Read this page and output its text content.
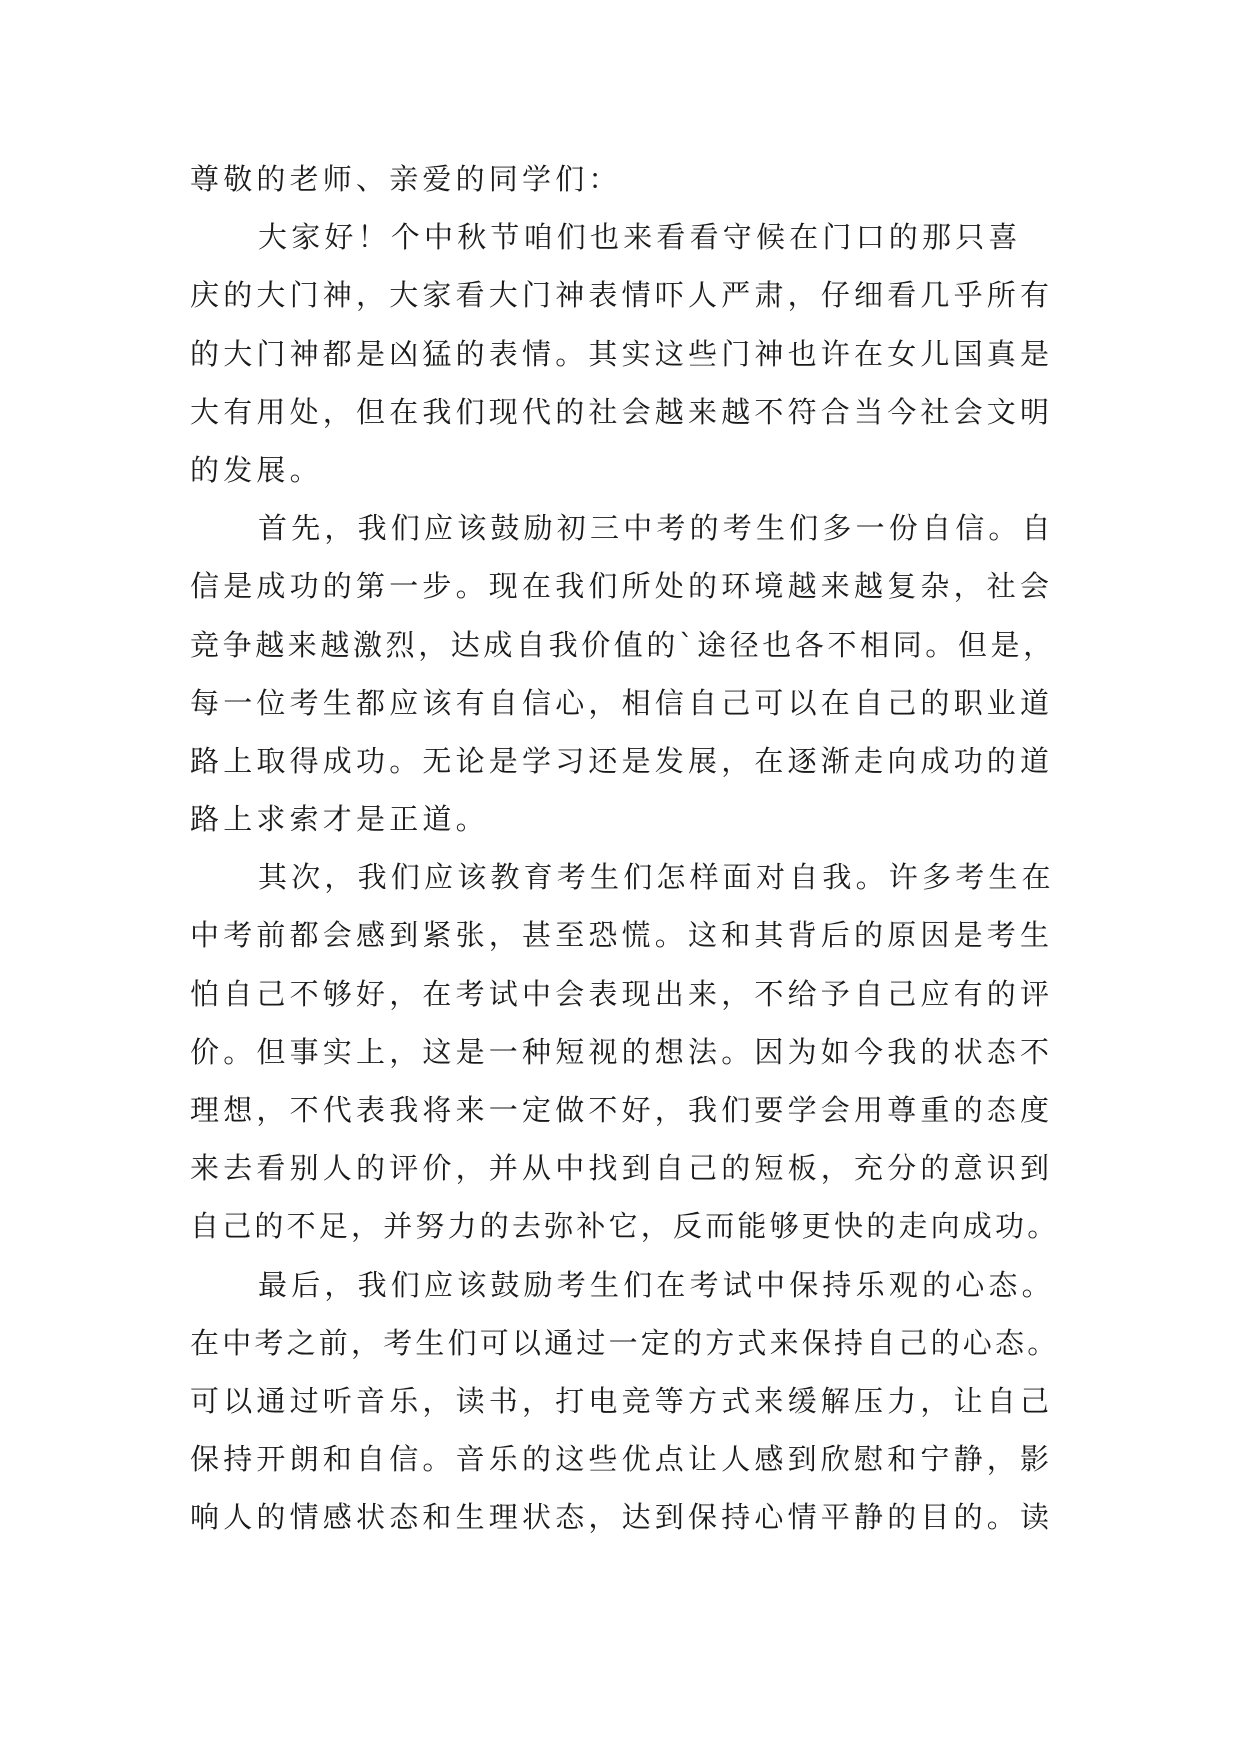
尊敬的老师、亲爱的同学们：
大家好！个中秋节咱们也来看看守候在门口的那只喜
庆的大门神，大家看大门神表情吓人严肃，仔细看几乎所有
的大门神都是凶猛的表情。其实这些门神也许在女儿国真是
大有用处，但在我们现代的社会越来越不符合当今社会文明
的发展。
首先，我们应该鼓励初三中考的考生们多一份自信。自
信是成功的第一步。现在我们所处的环境越来越复杂，社会
竞争越来越激烈，达成自我价值的`途径也各不相同。但是，
每一位考生都应该有自信心，相信自己可以在自己的职业道
路上取得成功。无论是学习还是发展，在逐渐走向成功的道
路上求索才是正道。
其次，我们应该教育考生们怎样面对自我。许多考生在
中考前都会感到紧张，甚至恐慌。这和其背后的原因是考生
怕自己不够好，在考试中会表现出来，不给予自己应有的评
价。但事实上，这是一种短视的想法。因为如今我的状态不
理想，不代表我将来一定做不好，我们要学会用尊重的态度
来去看别人的评价，并从中找到自己的短板，充分的意识到
自己的不足，并努力的去弥补它，反而能够更快的走向成功。
最后，我们应该鼓励考生们在考试中保持乐观的心态。
在中考之前，考生们可以通过一定的方式来保持自己的心态。
可以通过听音乐，读书，打电竞等方式来缓解压力，让自己
保持开朗和自信。音乐的这些优点让人感到欣慰和宁静，影
响人的情感状态和生理状态，达到保持心情平静的目的。读
